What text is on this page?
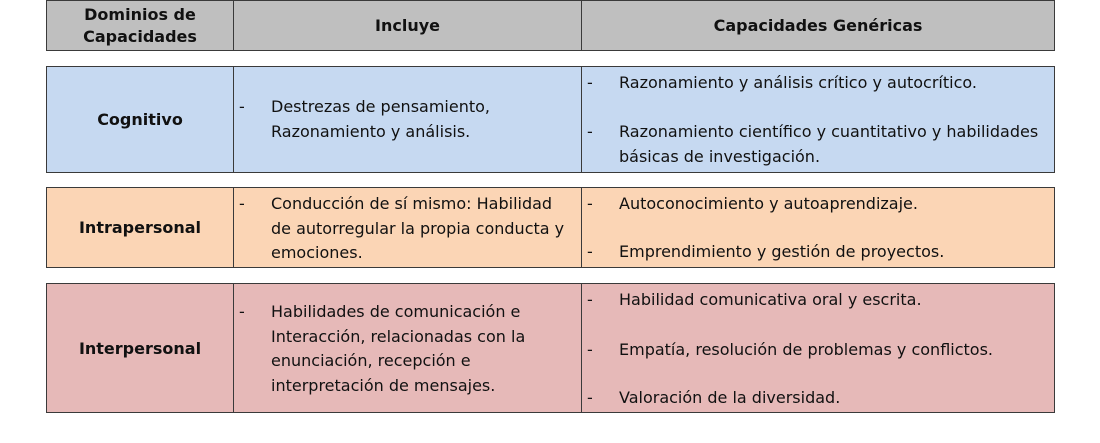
Dominios de
Capacidades
Incluye	Capacidades Genéricas
Cognitivo
- Destrezas de pensamiento, Razonamiento y análisis.
- Razonamiento y análisis crítico y autocrítico.
- Razonamiento científico y cuantitativo y habilidades básicas de investigación.
Intrapersonal
- Conducción de sí mismo: Habilidad de autorregular la propia conducta y emociones.
- Autoconocimiento y autoaprendizaje.
- Emprendimiento y gestión de proyectos.
Interpersonal
- Habilidades de comunicación e Interacción, relacionadas con la enunciación, recepción e interpretación de mensajes.
- Habilidad comunicativa oral y escrita.
- Empatía, resolución de problemas y conflictos.
- Valoración de la diversidad.
